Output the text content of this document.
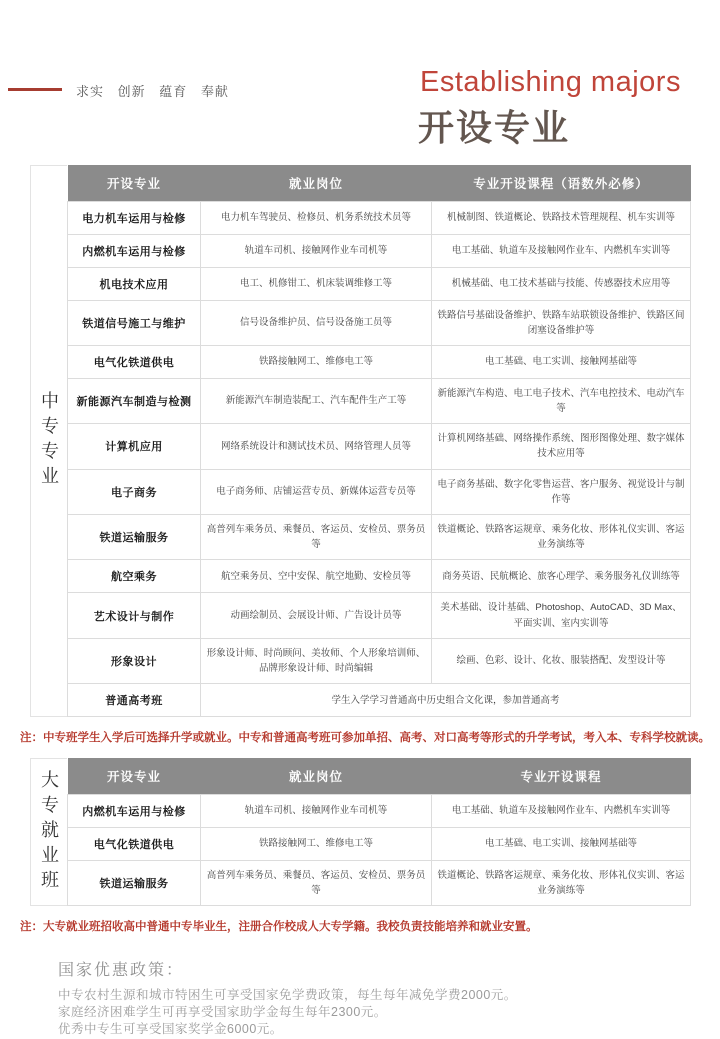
求实 创新 蕴育 奉献	Establishing majors
开设专业
中专专业
开设专业	就业岗位	专业开设课程（语数外必修）
电力机车运用与检修	电力机车驾驶员、检修员、机务系统技术员等	机械制图、铁道概论、铁路技术管理规程、机车实训等
内燃机车运用与检修	轨道车司机、接触网作业车司机等	电工基础、轨道车及接触网作业车、内燃机车实训等
机电技术应用	电工、机修钳工、机床装调维修工等	机械基础、电工技术基础与技能、传感器技术应用等
铁道信号施工与维护	信号设备维护员、信号设备施工员等	铁路信号基础设备维护、铁路车站联锁设备维护、铁路区间闭塞设备维护等
电气化铁道供电	铁路接触网工、维修电工等	电工基础、电工实训、接触网基础等
新能源汽车制造与检测	新能源汽车制造装配工、汽车配件生产工等	新能源汽车构造、电工电子技术、汽车电控技术、电动汽车等
计算机应用	网络系统设计和测试技术员、网络管理人员等	计算机网络基础、网络操作系统、图形图像处理、数字媒体技术应用等
电子商务	电子商务师、店铺运营专员、新媒体运营专员等	电子商务基础、数字化零售运营、客户服务、视觉设计与制作等
铁道运输服务	高普列车乘务员、乘餐员、客运员、安检员、票务员等	铁道概论、铁路客运规章、乘务化妆、形体礼仪实训、客运业务演练等
航空乘务	航空乘务员、空中安保、航空地勤、安检员等	商务英语、民航概论、旅客心理学、乘务服务礼仪训练等
艺术设计与制作	动画绘制员、会展设计师、广告设计员等	美术基础、设计基础、Photoshop、AutoCAD、3D Max、平面实训、室内实训等
形象设计	形象设计师、时尚顾问、美妆师、个人形象培训师、品牌形象设计师、时尚编辑	绘画、色彩、设计、化妆、服装搭配、发型设计等
普通高考班	学生入学学习普通高中历史组合文化课，参加普通高考	
注：中专班学生入学后可选择升学或就业。中专和普通高考班可参加单招、高考、对口高考等形式的升学考试，考入本、专科学校就读。
大专就业班	开设专业	就业岗位	专业开设课程
内燃机车运用与检修	轨道车司机、接触网作业车司机等	电工基础、轨道车及接触网作业车、内燃机车实训等
电气化铁道供电	铁路接触网工、维修电工等	电工基础、电工实训、接触网基础等
铁道运输服务	高普列车乘务员、乘餐员、客运员、安检员、票务员等	铁道概论、铁路客运规章、乘务化妆、形体礼仪实训、客运业务演练等
注：大专就业班招收高中普通中专毕业生，注册合作校成人大专学籍。我校负责技能培养和就业安置。
国家优惠政策：
中专农村生源和城市特困生可享受国家免学费政策，每生每年减免学费2000元。
家庭经济困难学生可再享受国家助学金每生每年2300元。
优秀中专生可享受国家奖学金6000元。
